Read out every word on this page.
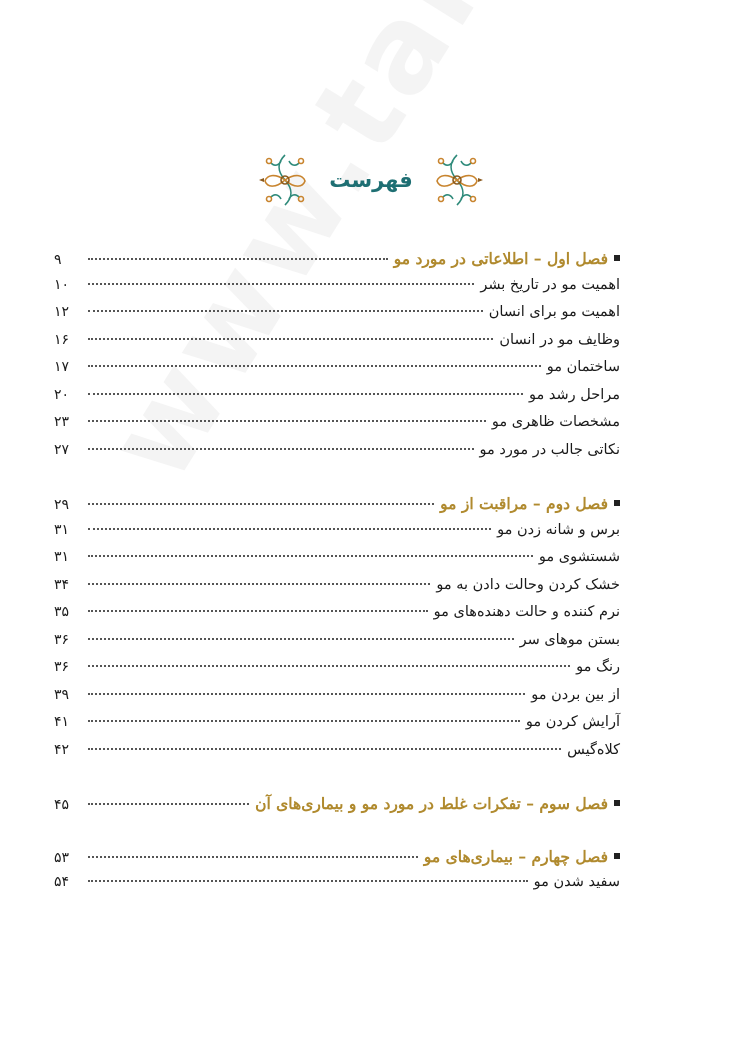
فهرست
فصل اول – اطلاعاتی در مورد مو
۹
اهمیت مو در تاریخ بشر
۱۰
اهمیت مو برای انسان
۱۲
وظایف مو در انسان
۱۶
ساختمان مو
۱۷
مراحل رشد مو
۲۰
مشخصات ظاهری مو
۲۳
نکاتی جالب در مورد مو
۲۷
فصل دوم – مراقبت از مو
۲۹
برس و شانه زدن مو
۳۱
شستشوی مو
۳۱
خشک کردن وحالت دادن به مو
۳۴
نرم کننده و حالت دهنده‌های مو
۳۵
بستن موهای سر
۳۶
رنگ مو
۳۶
از بین بردن مو
۳۹
آرایش کردن مو
۴۱
کلاه‌گیس
۴۲
فصل سوم – تفکرات غلط در مورد مو و بیماری‌های آن
۴۵
فصل چهارم – بیماری‌های مو
۵۳
سفید شدن مو
۵۴
